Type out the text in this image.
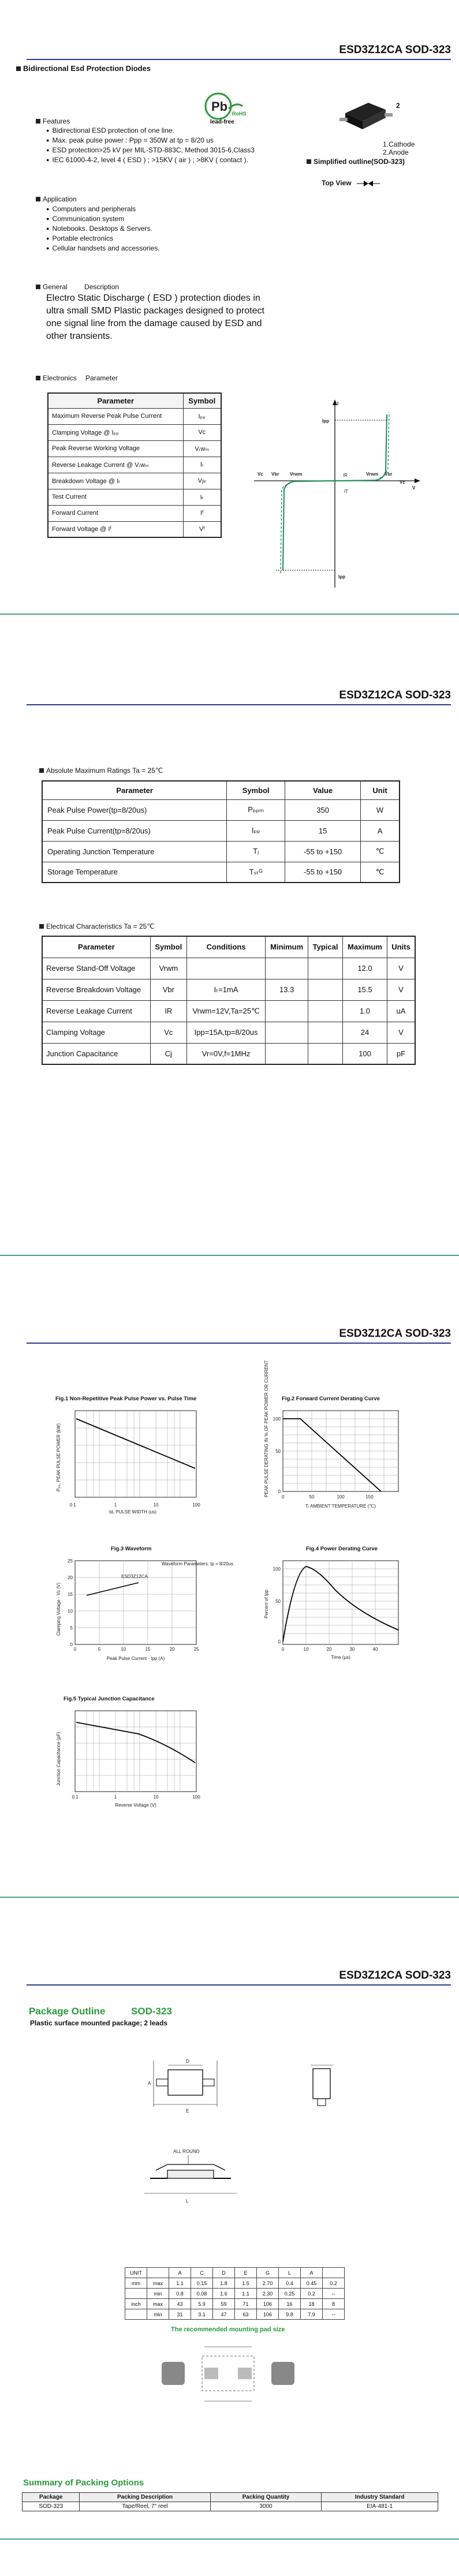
ESD3Z12CA SOD-323
Bidirectional Esd Protection Diodes
Pb
lead-free
RoHS
2
1.Cathode
2.Anode
Simplified outline(SOD-323)
Top View
Features
● Bidirectional ESD protection of one line.
● Max. peak pulse power : Ppp = 350W at tp = 8/20 us
● ESD protection>25 kV per MIL-STD-883C, Method 3015-6,Class3
● IEC 61000-4-2, level 4 ( ESD ) ; >15KV ( air ) ; >8KV ( contact ).
Application
● Computers and peripherals
● Communication system
● Notebooks. Desktops & Servers.
● Portable electronics
● Cellular handsets and accessories.
General Description
Electro Static Discharge ( ESD ) protection diodes in ultra small SMD Plastic packages designed to protect one signal line from the damage caused by ESD and other transients.
Electronics Parameter
Parameter	Symbol
Maximum Reverse Peak Pulse Current	Iₚₚ
Clamping Voltage @ Iₚₚ	Vᴄ
Peak Reverse Working Voltage	Vᵣᴡₘ
Reverse Leakage Current @ Vᵣᴡₘ	Iᵣ
Breakdown Voltage @ Iₜ	Vᵦᵣ
Test Current	Iₜ
Forward Current	Iᶠ
Forward Voltage @ Iᶠ	Vᶠ
I
V
Ipp
Vc Vbr Vrwm	Vrwm Vbr
Vc
IR
IT
Ipp
ESD3Z12CA SOD-323
Absolute Maximum Ratings Ta = 25℃
Parameter	Symbol	Value	Unit
Peak Pulse Power(tp=8/20us)	Pₚₚₘ	350	W
Peak Pulse Current(tp=8/20us)	Iₚₚ	15	A
Operating Junction Temperature	Tⱼ	-55 to +150	℃
Storage Temperature	Tₛₜᴳ	-55 to +150	℃
Electrical Characteristics Ta = 25℃
Parameter	Symbol	Conditions	Minimum	Typical	Maximum	Units
Reverse Stand-Off Voltage	Vrwm				12.0	V
Reverse Breakdown Voltage	Vbr	Iₜ=1mA	13.3		15.5	V
Reverse Leakage Current	IR	Vrwm=12V,Ta=25℃			1.0	uA
Clamping Voltage	Vc	Ipp=15A,tp=8/20us			24	V
Junction Capacitance	Cj	Vr=0V,f=1MHz			100	pF
ESD3Z12CA SOD-323
Fig.1 Non-Repetitive Peak Pulse Power vs. Pulse Time
0.1	1	10	100
td, PULSE WIDTH (us)
Pₚₚ, PEAK PULSE POWER (kW)
Fig.2 Forward Current Derating Curve
0	50	100	150
100
50
0
Tₗ AMBIENT TEMPERATURE (℃)
PEAK PULSE DERATING IN % OF PEAK POWER OR CURRENT
Fig.3 Waveform
ESD3Z12CA
Waveform Parameters: tp = 8/20us
0	5	10	15	20	25
25
20
15
10
5
0
Peak Pulse Current - Ipp (A)
Clamping Voltage - Vc (V)
Fig.4 Power Derating Curve
0	10	20	30	40
100
50
0
Time (μs)
Percent of Ipp
Fig.5 Typical Junction Capacitance
0.1	1	10	100
Reverse Voltage (V)
Junction Capacitance (pF)
ESD3Z12CA SOD-323
Package Outline	SOD-323
Plastic surface mounted package; 2 leads
D
E
A
L
ALL ROUND
UNIT		A	C	D	E	G	L	A	
mm	max	1.1	0.15	1.8	1.5	2.70	0.4	0.45	0.2
	min	0.8	0.08	1.6	1.1	2.30	0.25	0.2	--
inch	max	43	5.9	59	71	106	16	18	8
	min	31	3.1	47	63	106	9.8	7.9	--
The recommended mounting pad size
Summary of Packing Options
Package	Packing Description	Packing Quantity	Industry Standard
SOD-323	Tape/Reel, 7" reel	3000	EIA-481-1
